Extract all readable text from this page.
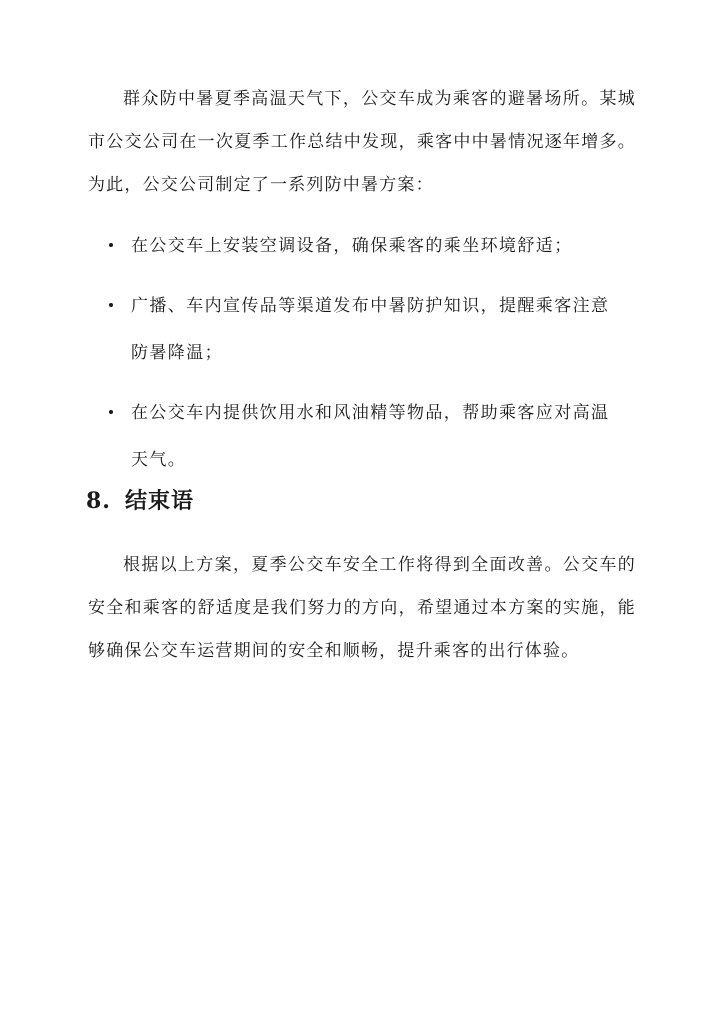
群众防中暑夏季高温天气下，公交车成为乘客的避暑场所。某城市公交公司在一次夏季工作总结中发现，乘客中中暑情况逐年增多。为此，公交公司制定了一系列防中暑方案：

在公交车上安装空调设备，确保乘客的乘坐环境舒适；
广播、车内宣传品等渠道发布中暑防护知识，提醒乘客注意防暑降温；
在公交车内提供饮用水和风油精等物品，帮助乘客应对高温天气。
8. 结束语

根据以上方案，夏季公交车安全工作将得到全面改善。公交车的安全和乘客的舒适度是我们努力的方向，希望通过本方案的实施，能够确保公交车运营期间的安全和顺畅，提升乘客的出行体验。
